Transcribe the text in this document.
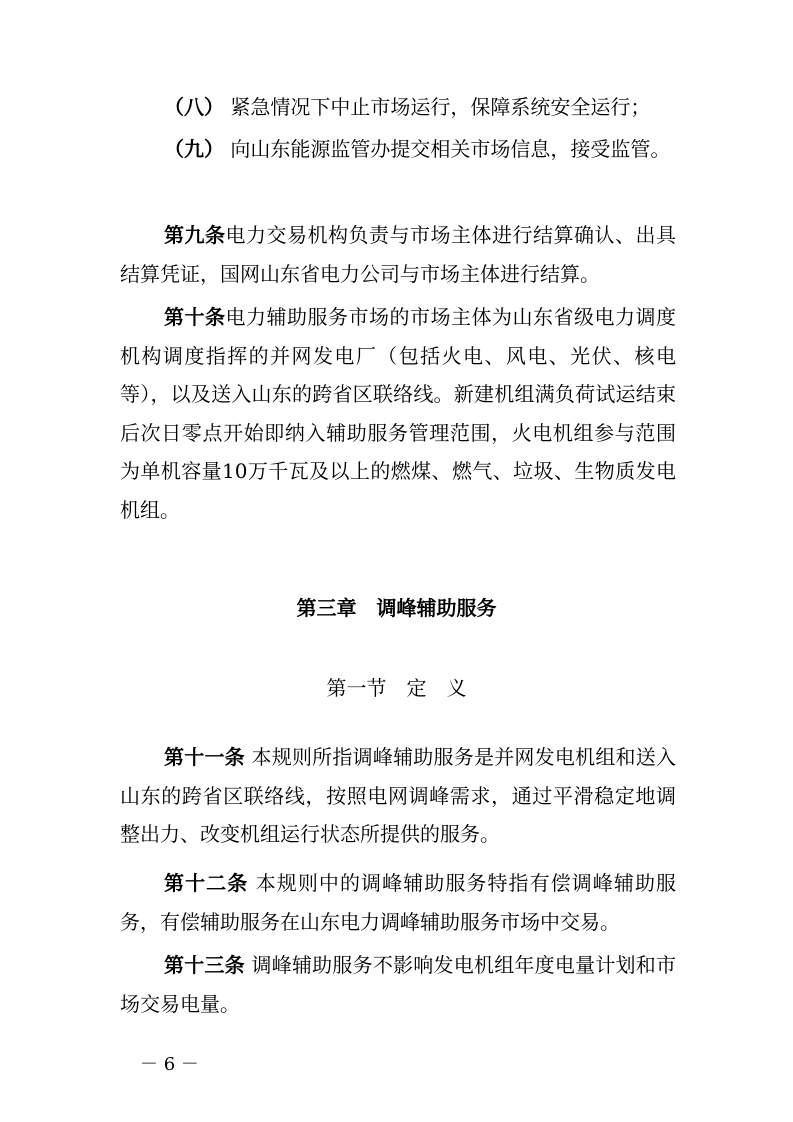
（八） 紧急情况下中止市场运行，保障系统安全运行；
（九） 向山东能源监管办提交相关市场信息，接受监管。
第九条电力交易机构负责与市场主体进行结算确认、出具结算凭证，国网山东省电力公司与市场主体进行结算。
第十条电力辅助服务市场的市场主体为山东省级电力调度机构调度指挥的并网发电厂（包括火电、风电、光伏、核电等），以及送入山东的跨省区联络线。新建机组满负荷试运结束后次日零点开始即纳入辅助服务管理范围，火电机组参与范围为单机容量10万千瓦及以上的燃煤、燃气、垃圾、生物质发电机组。
第三章　调峰辅助服务
第一节　定　义
第十一条 本规则所指调峰辅助服务是并网发电机组和送入山东的跨省区联络线，按照电网调峰需求，通过平滑稳定地调整出力、改变机组运行状态所提供的服务。
第十二条 本规则中的调峰辅助服务特指有偿调峰辅助服务，有偿辅助服务在山东电力调峰辅助服务市场中交易。
第十三条 调峰辅助服务不影响发电机组年度电量计划和市场交易电量。
－ 6 －
